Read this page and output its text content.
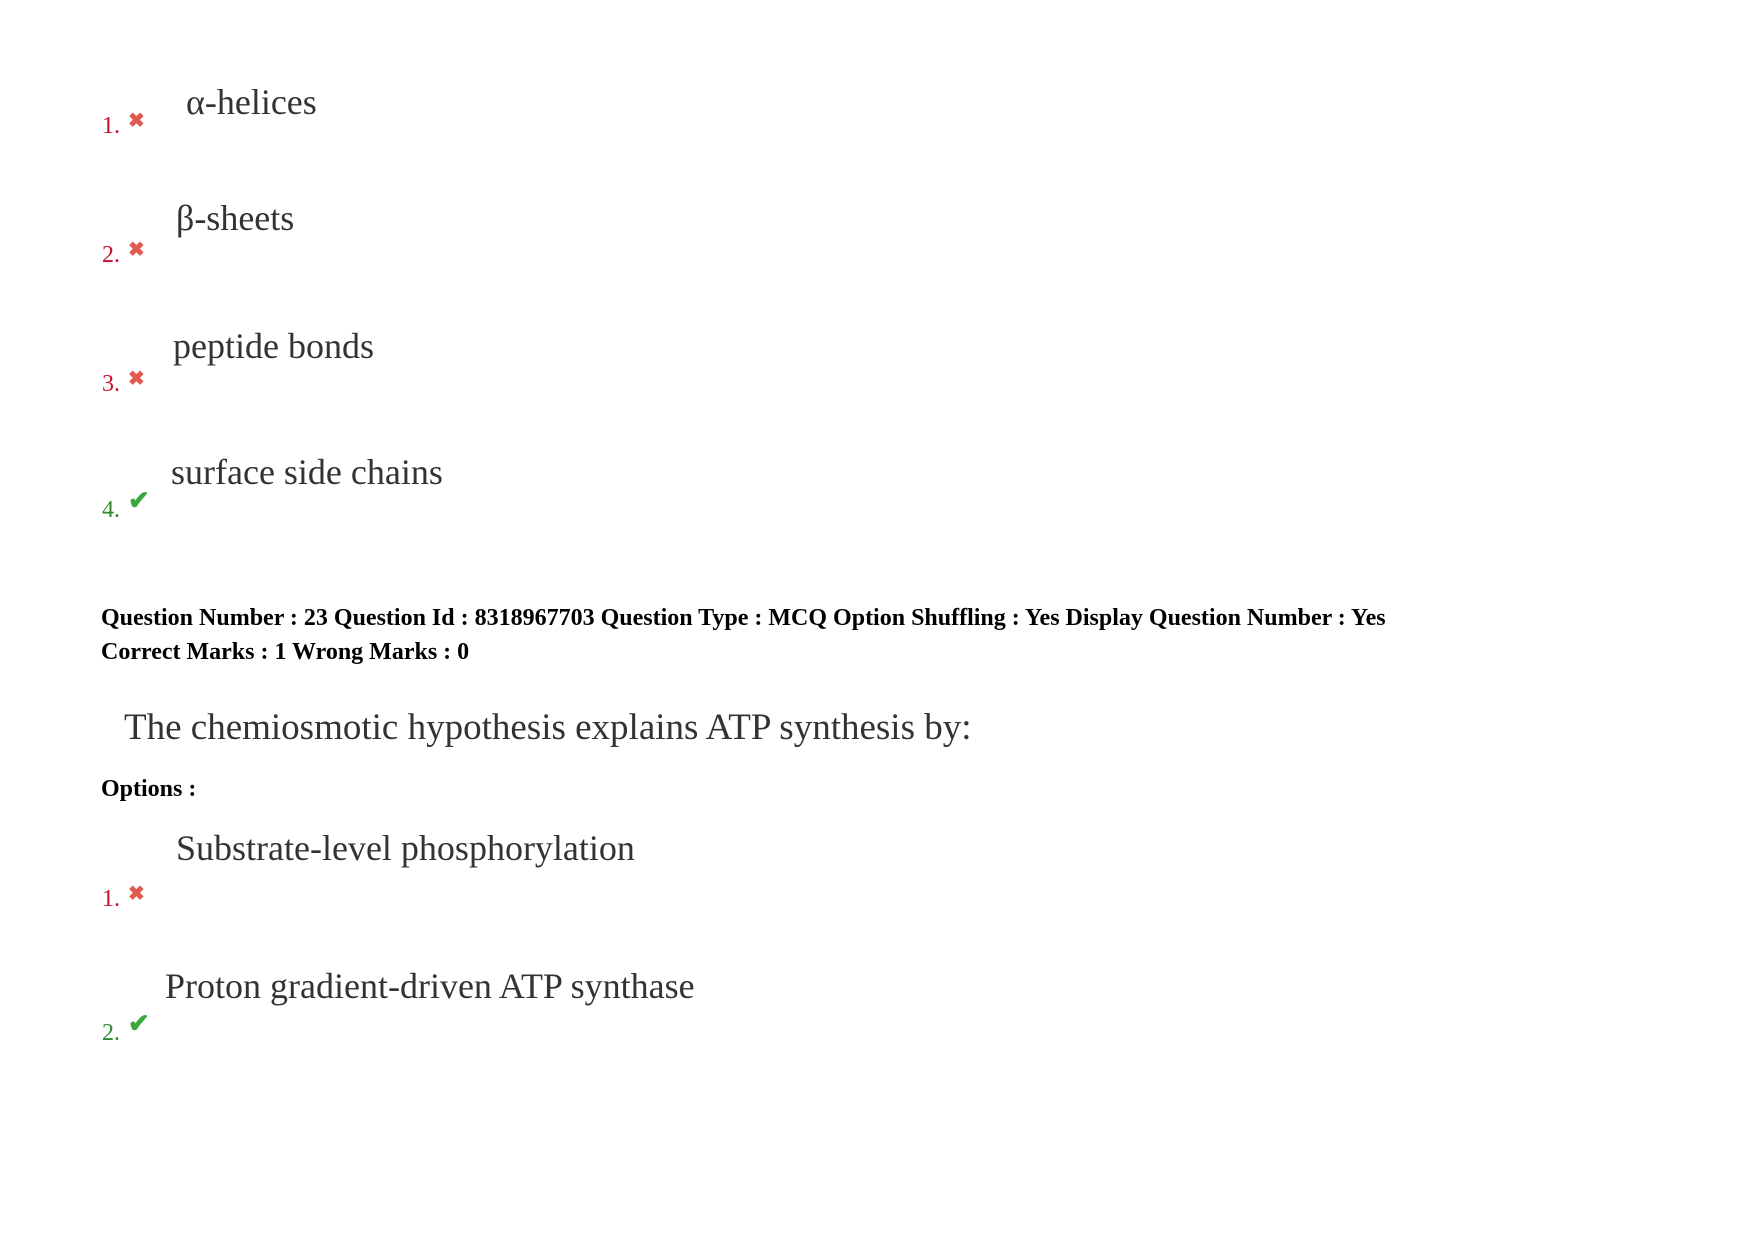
α-helices
1. ✖
β-sheets
2. ✖
peptide bonds
3. ✖
surface side chains
4. ✔
Question Number : 23 Question Id : 8318967703 Question Type : MCQ Option Shuffling : Yes Display Question Number : Yes
Correct Marks : 1 Wrong Marks : 0
The chemiosmotic hypothesis explains ATP synthesis by:
Options :
Substrate-level phosphorylation
1. ✖
Proton gradient-driven ATP synthase
2. ✔
